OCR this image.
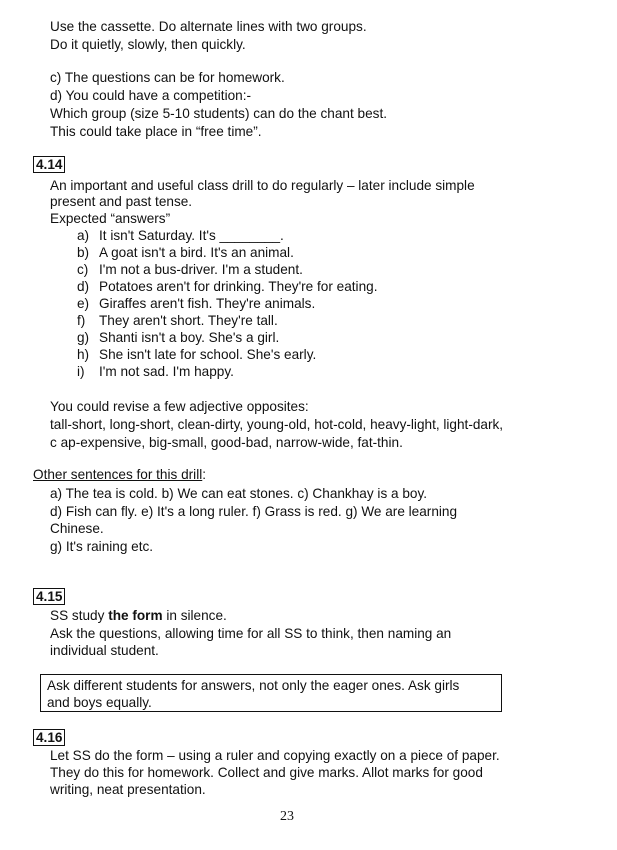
Use the cassette. Do alternate lines with two groups.
Do it quietly, slowly, then quickly.
c) The questions can be for homework.
d) You could have a competition:-
Which group (size 5-10 students) can do the chant best.
This could take place in “free time”.
4.14
An important and useful class drill to do regularly – later include simple
present and past tense.
Expected “answers”
a) It isn't Saturday. It's ________.
b) A goat isn't a bird. It's an animal.
c) I'm not a bus-driver. I'm a student.
d) Potatoes aren't for drinking. They're for eating.
e) Giraffes aren't fish. They're animals.
f) They aren't short. They're tall.
g) Shanti isn't a boy. She's a girl.
h) She isn't late for school. She's early.
i) I'm not sad. I'm happy.
You could revise a few adjective opposites:
tall-short, long-short, clean-dirty, young-old, hot-cold, heavy-light, light-dark,
c ap-expensive, big-small, good-bad, narrow-wide, fat-thin.
Other sentences for this drill:
a) The tea is cold. b) We can eat stones. c) Chankhay is a boy.
d) Fish can fly. e) It's a long ruler. f) Grass is red. g) We are learning
Chinese.
g) It's raining etc.
4.15
SS study the form in silence.
Ask the questions, allowing time for all SS to think, then naming an
individual student.
Ask different students for answers, not only the eager ones. Ask girls
and boys equally.
4.16
Let SS do the form – using a ruler and copying exactly on a piece of paper.
They do this for homework. Collect and give marks. Allot marks for good
writing, neat presentation.
23
